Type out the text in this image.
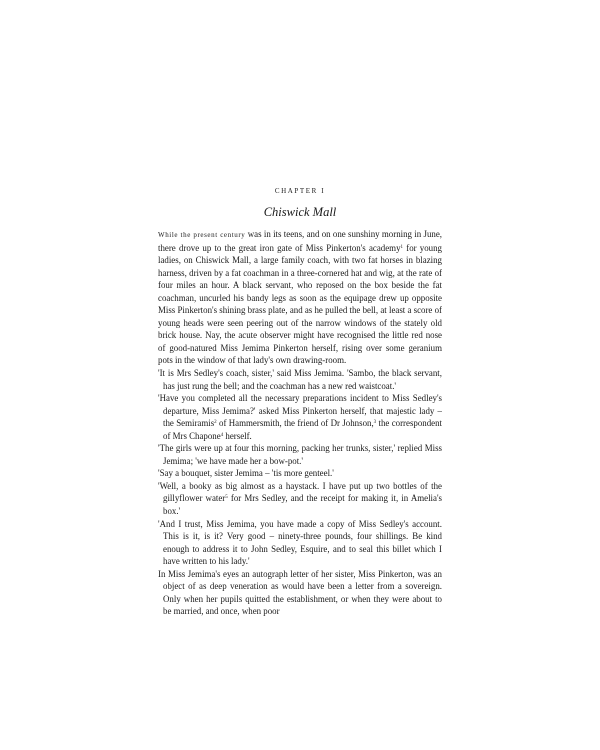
CHAPTER I
Chiswick Mall

While the present century was in its teens, and on one sunshiny morning in June, there drove up to the great iron gate of Miss Pinkerton's academy$^1$ for young ladies, on Chiswick Mall, a large family coach, with two fat horses in blazing harness, driven by a fat coachman in a three-cornered hat and wig, at the rate of four miles an hour. A black servant, who reposed on the box beside the fat coachman, uncurled his bandy legs as soon as the equipage drew up opposite Miss Pinkerton's shining brass plate, and as he pulled the bell, at least a score of young heads were seen peering out of the narrow windows of the stately old brick house. Nay, the acute observer might have recognised the little red nose of good-natured Miss Jemima Pinkerton herself, rising over some geranium pots in the window of that lady's own drawing-room.

'It is Mrs Sedley's coach, sister,' said Miss Jemima. 'Sambo, the black servant, has just rung the bell; and the coachman has a new red waistcoat.'

'Have you completed all the necessary preparations incident to Miss Sedley's departure, Miss Jemima?' asked Miss Pinkerton herself, that majestic lady – the Semiramis$^2$ of Hammersmith, the friend of Dr Johnson,$^3$ the correspondent of Mrs Chapone$^4$ herself.

'The girls were up at four this morning, packing her trunks, sister,' replied Miss Jemima; 'we have made her a bow-pot.'

'Say a bouquet, sister Jemima – 'tis more genteel.'

'Well, a booky as big almost as a haystack. I have put up two bottles of the gillyflower water$^5$ for Mrs Sedley, and the receipt for making it, in Amelia's box.'

'And I trust, Miss Jemima, you have made a copy of Miss Sedley's account. This is it, is it? Very good – ninety-three pounds, four shillings. Be kind enough to address it to John Sedley, Esquire, and to seal this billet which I have written to his lady.'

In Miss Jemima's eyes an autograph letter of her sister, Miss Pinkerton, was an object of as deep veneration as would have been a letter from a sovereign. Only when her pupils quitted the establishment, or when they were about to be married, and once, when poor
